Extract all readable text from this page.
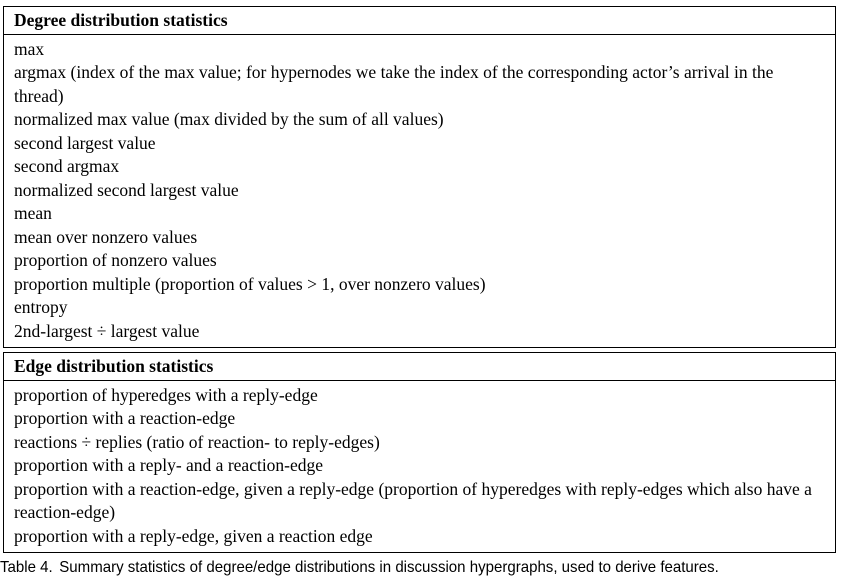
Degree distribution statistics
max
argmax (index of the max value; for hypernodes we take the index of the corresponding actor’s arrival in the thread)
normalized max value (max divided by the sum of all values)
second largest value
second argmax
normalized second largest value
mean
mean over nonzero values
proportion of nonzero values
proportion multiple (proportion of values > 1, over nonzero values)
entropy
2nd-largest ÷ largest value
Edge distribution statistics
proportion of hyperedges with a reply-edge
proportion with a reaction-edge
reactions ÷ replies (ratio of reaction- to reply-edges)
proportion with a reply- and a reaction-edge
proportion with a reaction-edge, given a reply-edge (proportion of hyperedges with reply-edges which also have a reaction-edge)
proportion with a reply-edge, given a reaction edge
Table 4. Summary statistics of degree/edge distributions in discussion hypergraphs, used to derive features.
